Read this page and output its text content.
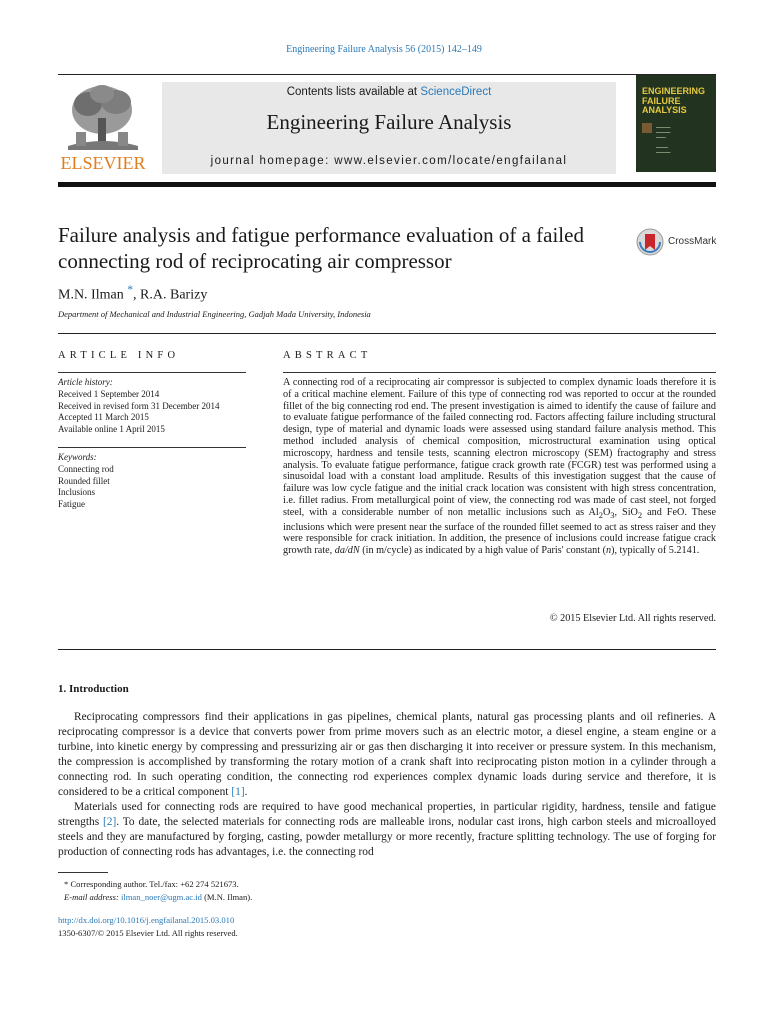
Engineering Failure Analysis 56 (2015) 142–149
ELSEVIER
Contents lists available at ScienceDirect
Engineering Failure Analysis
journal homepage: www.elsevier.com/locate/engfailanal
ENGINEERING FAILURE ANALYSIS
━━━━━━
━━━━━━
━━━━

━━━━━
━━━━━━
Failure analysis and fatigue performance evaluation of a failed connecting rod of reciprocating air compressor
CrossMark
M.N. Ilman *, R.A. Barizy
Department of Mechanical and Industrial Engineering, Gadjah Mada University, Indonesia
ARTICLE INFO
Article history:
Received 1 September 2014
Received in revised form 31 December 2014
Accepted 11 March 2015
Available online 1 April 2015
Keywords:
Connecting rod
Rounded fillet
Inclusions
Fatigue
ABSTRACT
A connecting rod of a reciprocating air compressor is subjected to complex dynamic loads therefore it is of a critical machine element. Failure of this type of connecting rod was reported to occur at the rounded fillet of the big connecting rod end. The present investigation is aimed to identify the cause of failure and to evaluate fatigue performance of the failed connecting rod. Factors affecting failure including structural design, type of material and dynamic loads were assessed using standard failure analysis method. This method included analysis of chemical composition, microstructural examination using optical microscopy, hardness and tensile tests, scanning electron microscopy (SEM) fractography and stress analysis. To evaluate fatigue performance, fatigue crack growth rate (FCGR) test was performed using a sinusoidal load with a constant load amplitude. Results of this investigation suggest that the cause of failure was low cycle fatigue and the initial crack location was consistent with high stress concentration, i.e. fillet radius. From metallurgical point of view, the connecting rod was made of cast steel, not forged steel, with a considerable number of non metallic inclusions such as $Al_2O_3$, SiO$_2$ and FeO. These inclusions which were present near the surface of the rounded fillet seemed to act as stress raiser and they were responsible for crack initiation. In addition, the presence of inclusions could increase fatigue crack growth rate, da/dN (in m/cycle) as indicated by a high value of Paris' constant (n), typically of 5.2141.
© 2015 Elsevier Ltd. All rights reserved.
1. Introduction
Reciprocating compressors find their applications in gas pipelines, chemical plants, natural gas processing plants and oil refineries. A reciprocating compressor is a device that converts power from prime movers such as an electric motor, a diesel engine, a steam engine or a turbine, into kinetic energy by compressing and pressurizing air or gas then discharging it into receiver or pressure system. In this mechanism, the compression is accomplished by transforming the rotary motion of a crank shaft into reciprocating piston motion in a cylinder through a connecting rod. In such operating condition, the connecting rod experiences complex dynamic loads during service and therefore, it is considered to be a critical component [1].
Materials used for connecting rods are required to have good mechanical properties, in particular rigidity, hardness, tensile and fatigue strengths [2]. To date, the selected materials for connecting rods are malleable irons, nodular cast irons, high carbon steels and microalloyed steels and they are manufactured by forging, casting, powder metallurgy or more recently, fracture splitting technology. The use of forging for production of connecting rods has advantages, i.e. the connecting rod
* Corresponding author. Tel./fax: +62 274 521673.
E-mail address: ilman_noer@ugm.ac.id (M.N. Ilman).
http://dx.doi.org/10.1016/j.engfailanal.2015.03.010
1350-6307/© 2015 Elsevier Ltd. All rights reserved.
